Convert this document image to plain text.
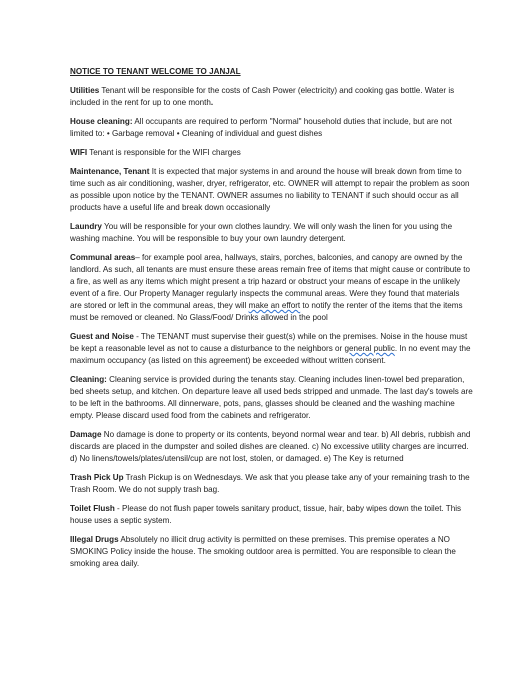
NOTICE TO TENANT WELCOME TO JANJAL
Utilities Tenant will be responsible for the costs of Cash Power (electricity) and cooking gas bottle. Water is included in the rent for up to one month.
House cleaning: All occupants are required to perform "Normal" household duties that include, but are not limited to: • Garbage removal • Cleaning of individual and guest dishes
WIFI Tenant is responsible for the WIFI charges
Maintenance, Tenant It is expected that major systems in and around the house will break down from time to time such as air conditioning, washer, dryer, refrigerator, etc. OWNER will attempt to repair the problem as soon as possible upon notice by the TENANT. OWNER assumes no liability to TENANT if such should occur as all products have a useful life and break down occasionally
Laundry You will be responsible for your own clothes laundry. We will only wash the linen for you using the washing machine. You will be responsible to buy your own laundry detergent.
Communal areas– for example pool area, hallways, stairs, porches, balconies, and canopy are owned by the landlord. As such, all tenants are must ensure these areas remain free of items that might cause or contribute to a fire, as well as any items which might present a trip hazard or obstruct your means of escape in the unlikely event of a fire. Our Property Manager regularly inspects the communal areas. Were they found that materials are stored or left in the communal areas, they will make an effort to notify the renter of the items that the items must be removed or cleaned. No Glass/Food/ Drinks allowed in the pool
Guest and Noise - The TENANT must supervise their guest(s) while on the premises. Noise in the house must be kept a reasonable level as not to cause a disturbance to the neighbors or general public. In no event may the maximum occupancy (as listed on this agreement) be exceeded without written consent.
Cleaning: Cleaning service is provided during the tenants stay. Cleaning includes linen-towel bed preparation, bed sheets setup, and kitchen. On departure leave all used beds stripped and unmade. The last day's towels are to be left in the bathrooms. All dinnerware, pots, pans, glasses should be cleaned and the washing machine empty. Please discard used food from the cabinets and refrigerator.
Damage No damage is done to property or its contents, beyond normal wear and tear. b) All debris, rubbish and discards are placed in the dumpster and soiled dishes are cleaned. c) No excessive utility charges are incurred. d) No linens/towels/plates/utensil/cup are not lost, stolen, or damaged. e) The Key is returned
Trash Pick Up Trash Pickup is on Wednesdays. We ask that you please take any of your remaining trash to the Trash Room. We do not supply trash bag.
Toilet Flush - Please do not flush paper towels sanitary product, tissue, hair, baby wipes down the toilet. This house uses a septic system.
Illegal Drugs Absolutely no illicit drug activity is permitted on these premises. This premise operates a NO SMOKING Policy inside the house. The smoking outdoor area is permitted. You are responsible to clean the smoking area daily.
